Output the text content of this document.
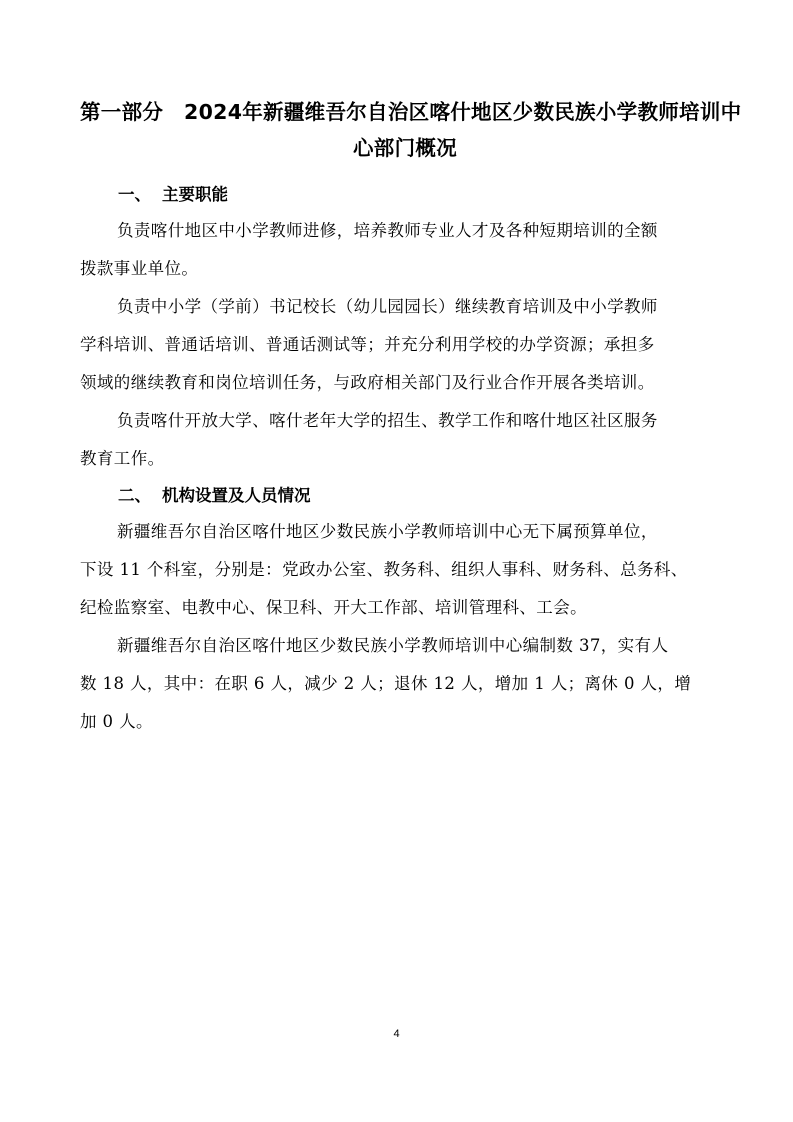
第一部分　2024年新疆维吾尔自治区喀什地区少数民族小学教师培训中
心部门概况
一、 主要职能
负责喀什地区中小学教师进修，培养教师专业人才及各种短期培训的全额
拨款事业单位。
负责中小学（学前）书记校长（幼儿园园长）继续教育培训及中小学教师
学科培训、普通话培训、普通话测试等；并充分利用学校的办学资源；承担多
领域的继续教育和岗位培训任务，与政府相关部门及行业合作开展各类培训。
负责喀什开放大学、喀什老年大学的招生、教学工作和喀什地区社区服务
教育工作。
二、 机构设置及人员情况
新疆维吾尔自治区喀什地区少数民族小学教师培训中心无下属预算单位，
下设 11 个科室，分别是：党政办公室、教务科、组织人事科、财务科、总务科、
纪检监察室、电教中心、保卫科、开大工作部、培训管理科、工会。
新疆维吾尔自治区喀什地区少数民族小学教师培训中心编制数 37，实有人
数 18 人，其中：在职 6 人，减少 2 人；退休 12 人，增加 1 人；离休 0 人，增
加 0 人。
4
